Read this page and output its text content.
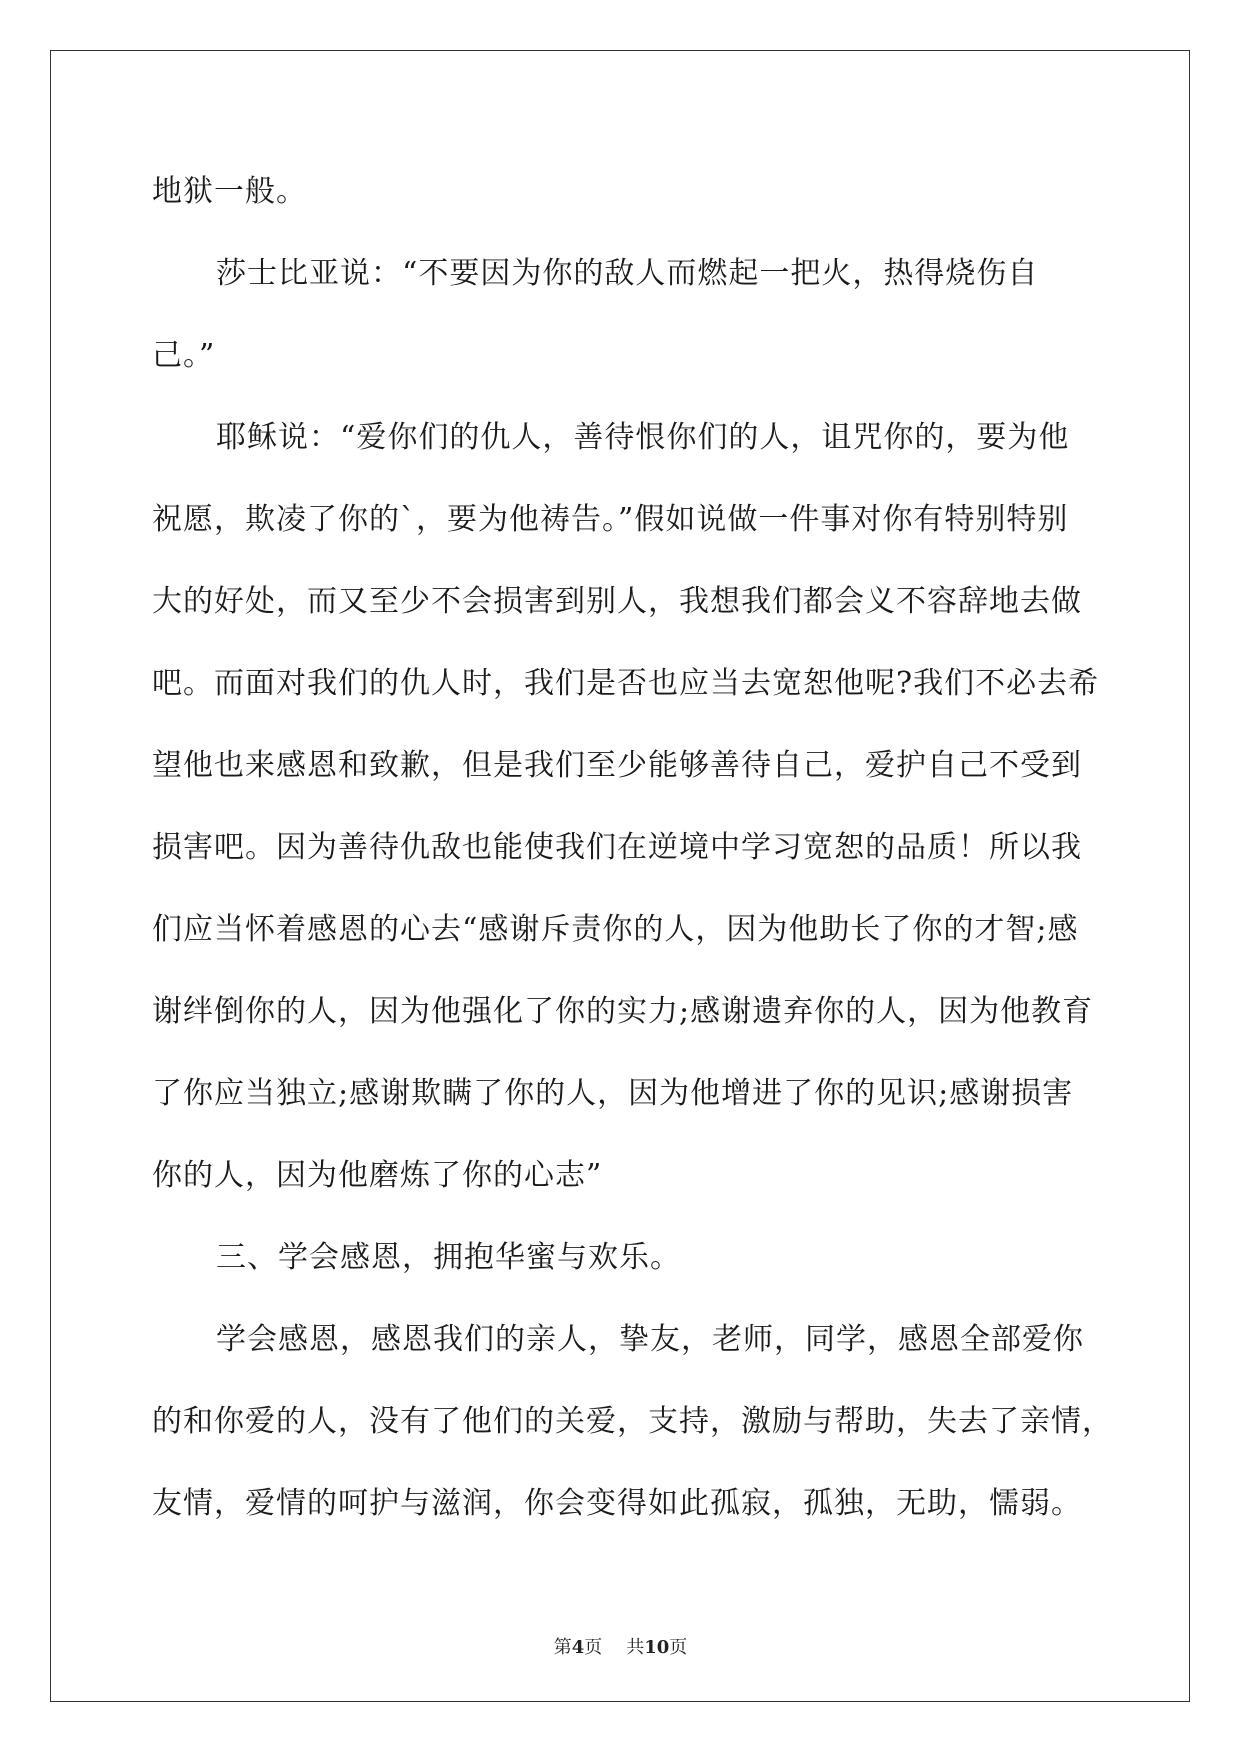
地狱一般。
莎士比亚说：“不要因为你的敌人而燃起一把火，热得烧伤自
己。”
耶稣说：“爱你们的仇人，善待恨你们的人，诅咒你的，要为他
祝愿，欺凌了你的`，要为他祷告。”假如说做一件事对你有特别特别
大的好处，而又至少不会损害到别人，我想我们都会义不容辞地去做
吧。而面对我们的仇人时，我们是否也应当去宽恕他呢?我们不必去希
望他也来感恩和致歉，但是我们至少能够善待自己，爱护自己不受到
损害吧。因为善待仇敌也能使我们在逆境中学习宽恕的品质！所以我
们应当怀着感恩的心去“感谢斥责你的人，因为他助长了你的才智;感
谢绊倒你的人，因为他强化了你的实力;感谢遗弃你的人，因为他教育
了你应当独立;感谢欺瞒了你的人，因为他增进了你的见识;感谢损害
你的人，因为他磨炼了你的心志”
三、学会感恩，拥抱华蜜与欢乐。
学会感恩，感恩我们的亲人，挚友，老师，同学，感恩全部爱你
的和你爱的人，没有了他们的关爱，支持，激励与帮助，失去了亲情，
友情，爱情的呵护与滋润，你会变得如此孤寂，孤独，无助，懦弱。
第4页 共10页
